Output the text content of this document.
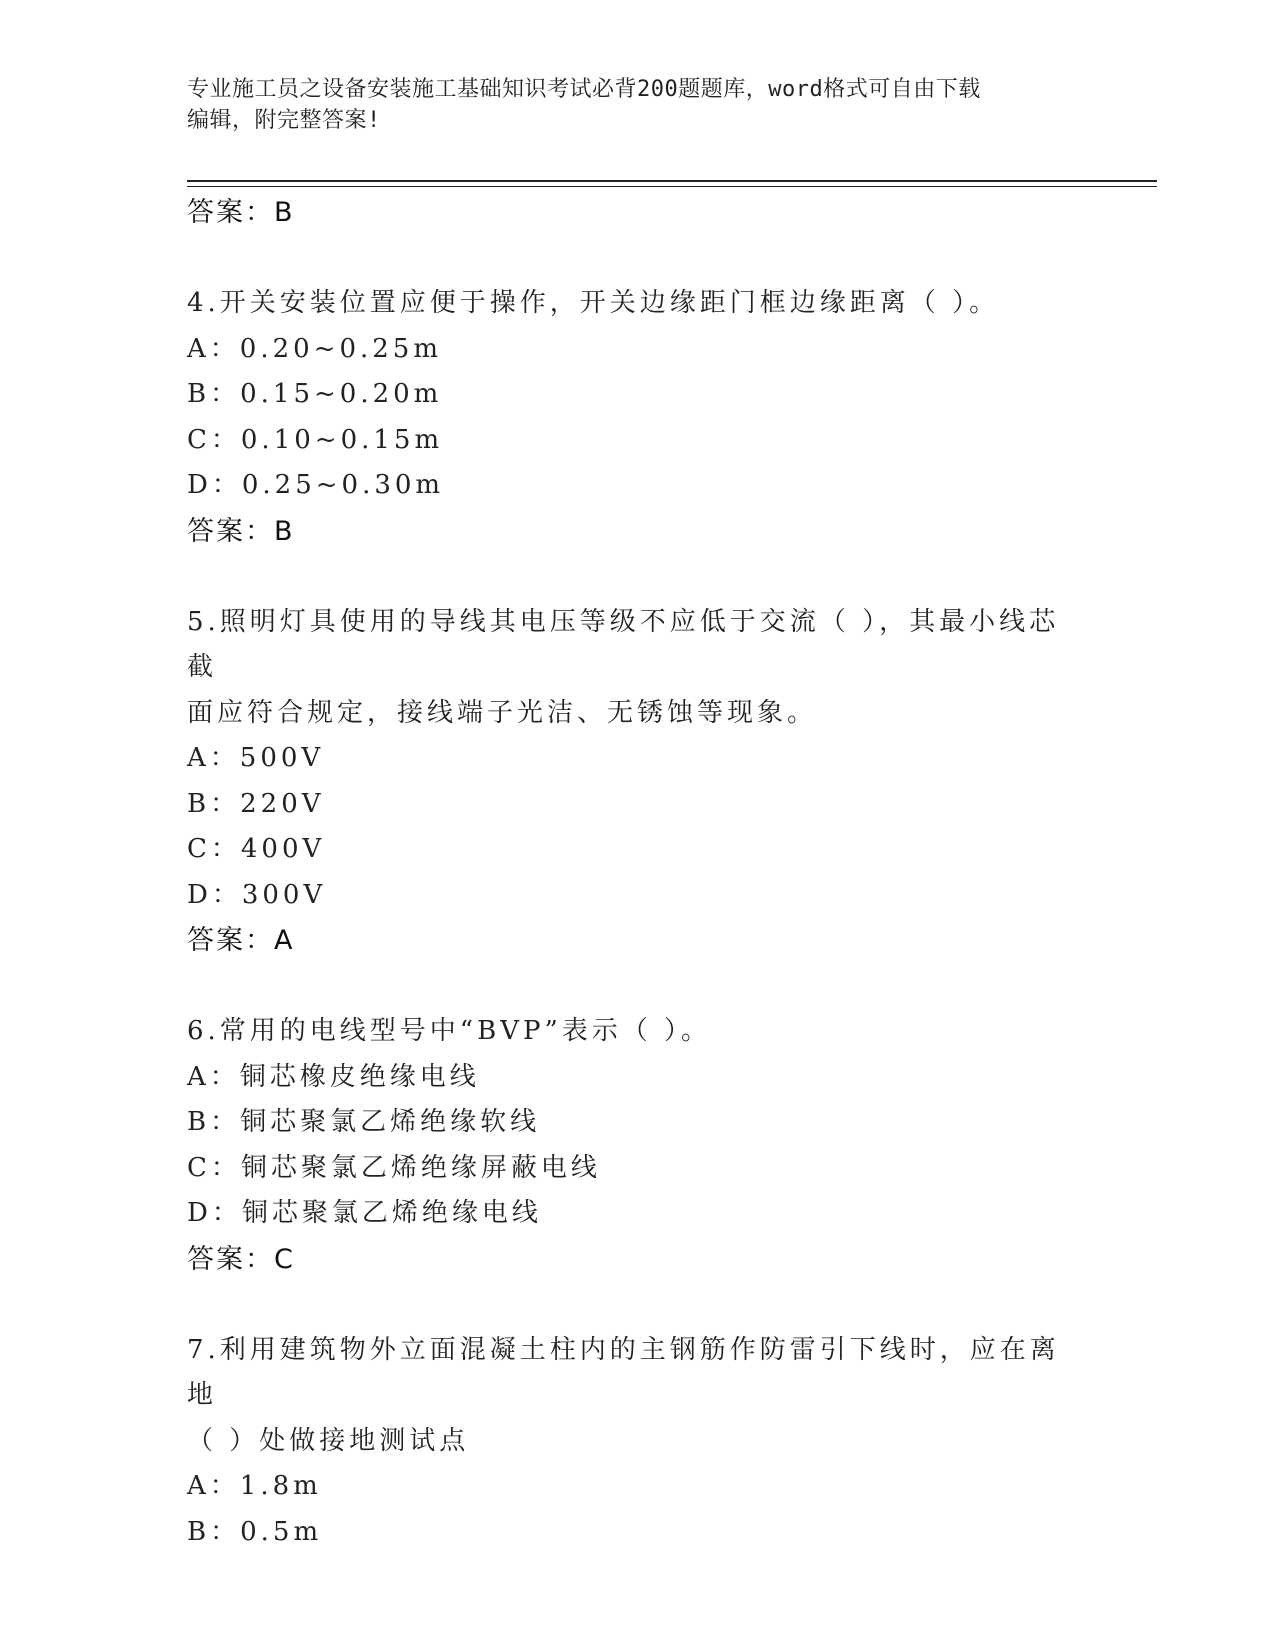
专业施工员之设备安装施工基础知识考试必背200题题库，word格式可自由下载
编辑，附完整答案!
答案：B
4.开关安装位置应便于操作，开关边缘距门框边缘距离（ ）。
A：0.20~0.25m
B：0.15~0.20m
C：0.10~0.15m
D：0.25~0.30m
答案：B
5.照明灯具使用的导线其电压等级不应低于交流（ ），其最小线芯截
面应符合规定，接线端子光洁、无锈蚀等现象。
A：500V
B：220V
C：400V
D：300V
答案：A
6.常用的电线型号中“BVP”表示（ ）。
A：铜芯橡皮绝缘电线
B：铜芯聚氯乙烯绝缘软线
C：铜芯聚氯乙烯绝缘屏蔽电线
D：铜芯聚氯乙烯绝缘电线
答案：C
7.利用建筑物外立面混凝土柱内的主钢筋作防雷引下线时，应在离地
（ ）处做接地测试点
A：1.8m
B：0.5m
